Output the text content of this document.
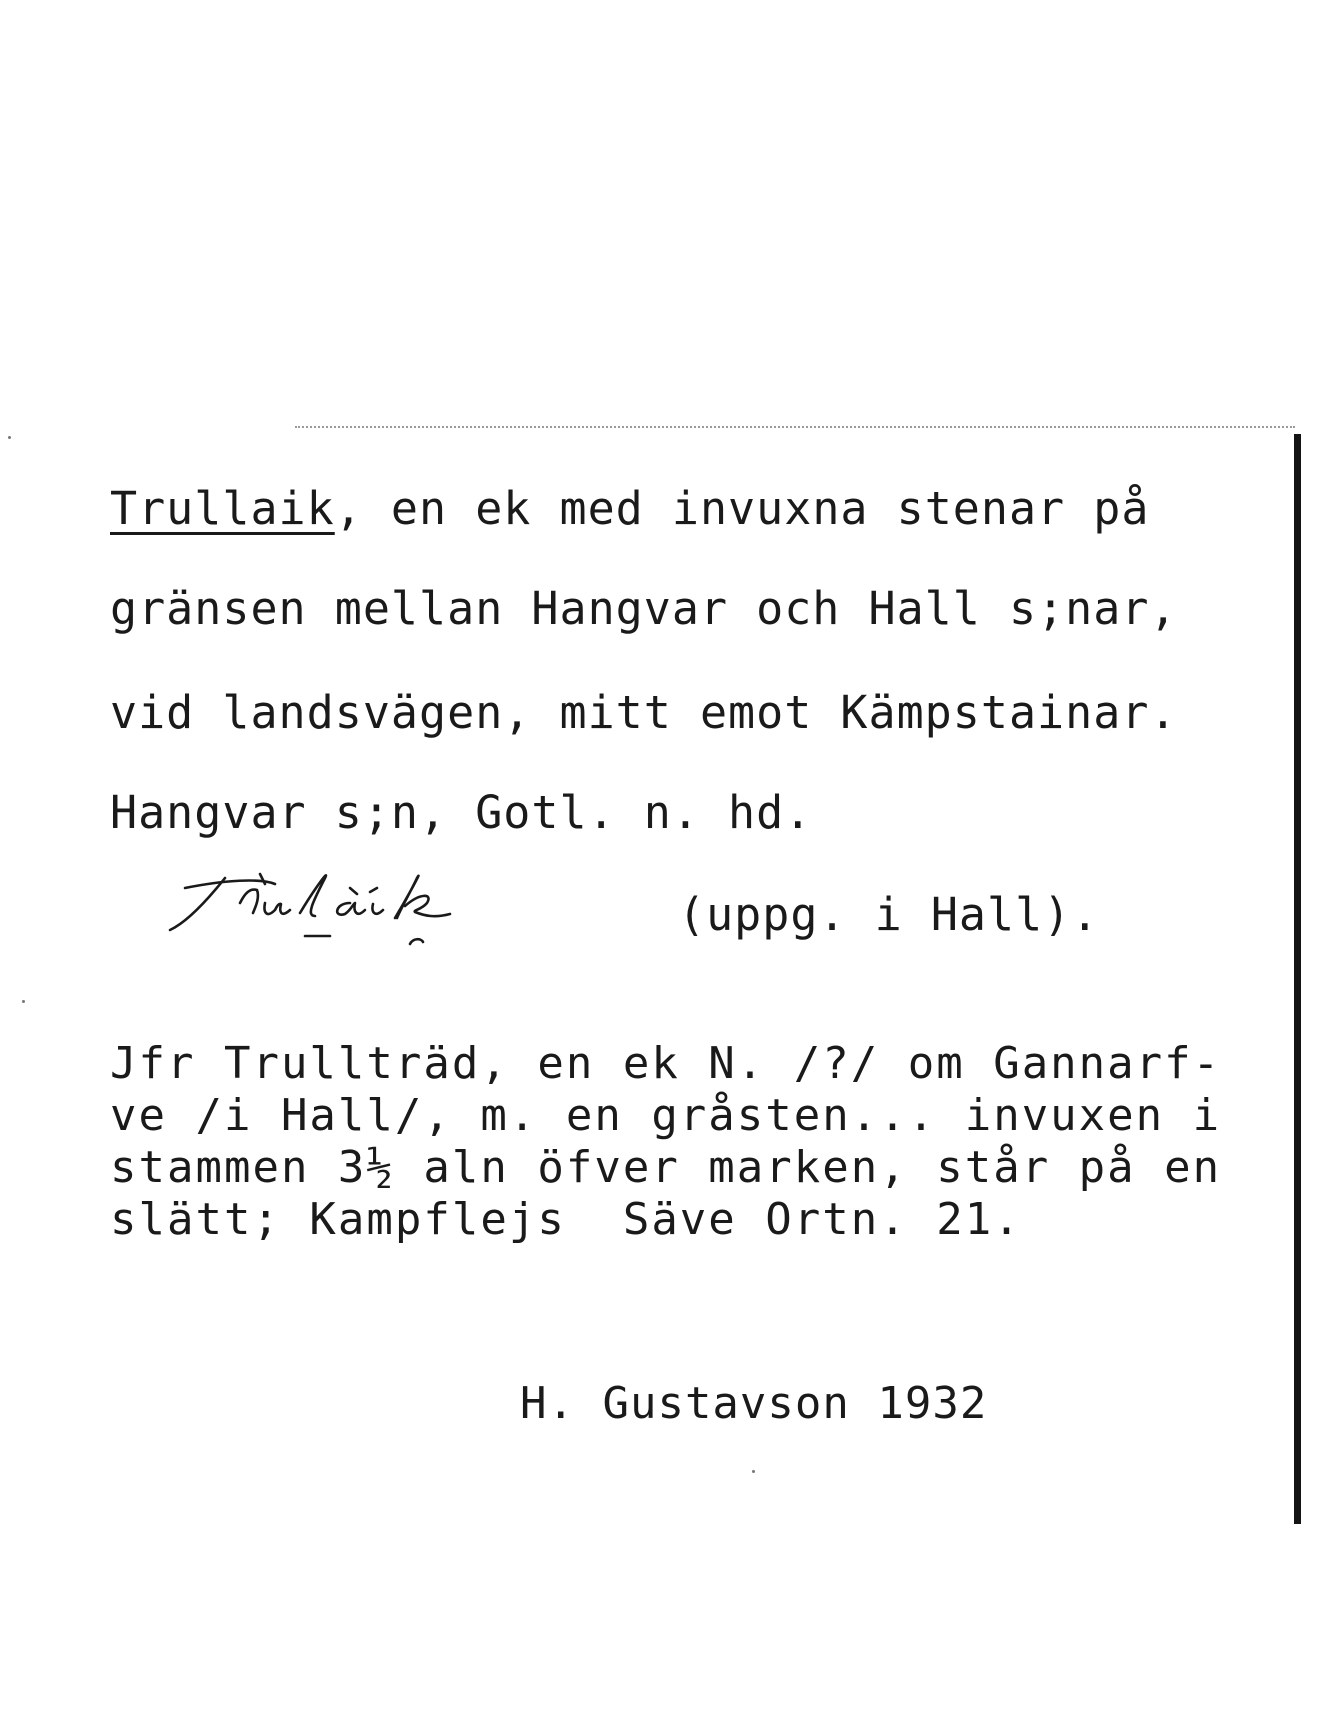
Trullaik, en ek med invuxna stenar på
gränsen mellan Hangvar och Hall s;nar,
vid landsvägen, mitt emot Kämpstainar.
Hangvar s;n, Gotl. n. hd.
(uppg. i Hall).
Jfr Trullträd, en ek N. /?/ om Gannarf-
ve /i Hall/, m. en gråsten... invuxen i
stammen 3½ aln öfver marken, står på en
slätt; Kampflejs  Säve Ortn. 21.
H. Gustavson 1932
